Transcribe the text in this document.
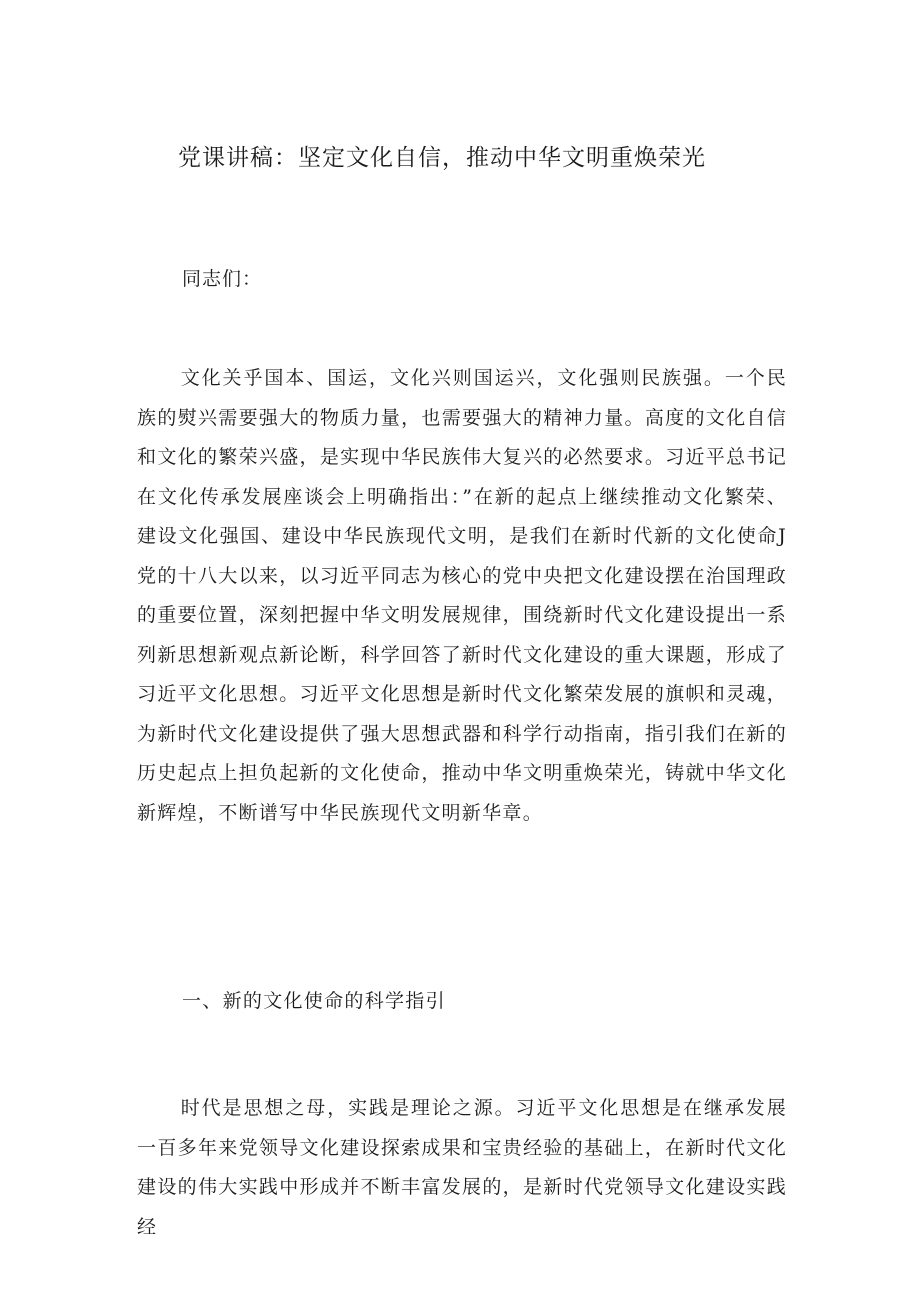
党课讲稿：坚定文化自信，推动中华文明重焕荣光

同志们：

文化关乎国本、国运，文化兴则国运兴，文化强则民族强。一个民族的熨兴需要强大的物质力量，也需要强大的精神力量。高度的文化自信和文化的繁荣兴盛，是实现中华民族伟大复兴的必然要求。习近平总书记在文化传承发展座谈会上明确指出：”在新的起点上继续推动文化繁荣、建设文化强国、建设中华民族现代文明，是我们在新时代新的文化使命J党的十八大以来，以习近平同志为核心的党中央把文化建设摆在治国理政的重要位置，深刻把握中华文明发展规律，围绕新时代文化建设提出一系列新思想新观点新论断，科学回答了新时代文化建设的重大课题，形成了习近平文化思想。习近平文化思想是新时代文化繁荣发展的旗帜和灵魂，为新时代文化建设提供了强大思想武器和科学行动指南，指引我们在新的历史起点上担负起新的文化使命，推动中华文明重焕荣光，铸就中华文化新辉煌，不断谱写中华民族现代文明新华章。

一、新的文化使命的科学指引

时代是思想之母，实践是理论之源。习近平文化思想是在继承发展一百多年来党领导文化建设探索成果和宝贵经验的基础上，在新时代文化建设的伟大实践中形成并不断丰富发展的，是新时代党领导文化建设实践经
